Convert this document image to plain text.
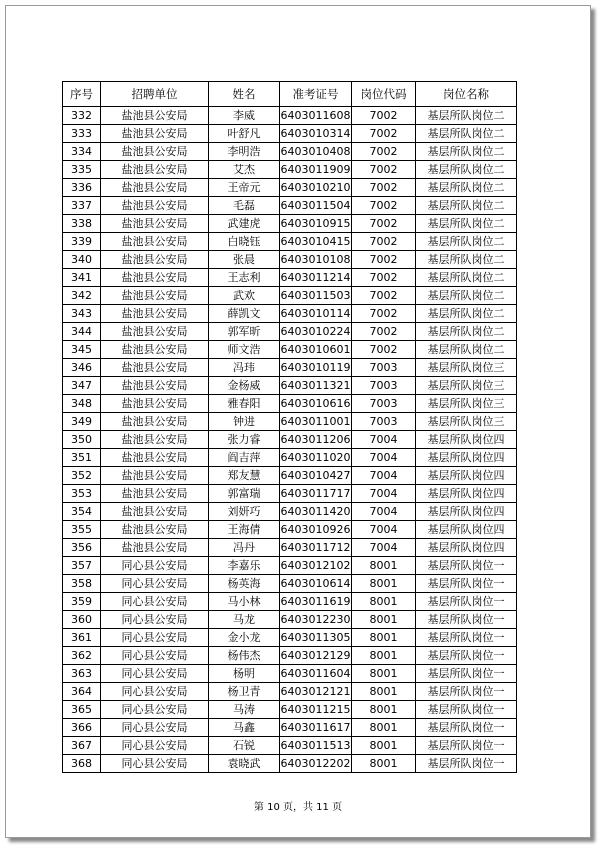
序号	招聘单位	姓名	准考证号	岗位代码	岗位名称
332	盐池县公安局	李威	6403011608	7002	基层所队岗位二
333	盐池县公安局	叶舒凡	6403010314	7002	基层所队岗位二
334	盐池县公安局	李明浩	6403010408	7002	基层所队岗位二
335	盐池县公安局	艾杰	6403011909	7002	基层所队岗位二
336	盐池县公安局	王帝元	6403010210	7002	基层所队岗位二
337	盐池县公安局	毛磊	6403011504	7002	基层所队岗位二
338	盐池县公安局	武建虎	6403010915	7002	基层所队岗位二
339	盐池县公安局	白晓钰	6403010415	7002	基层所队岗位二
340	盐池县公安局	张晨	6403010108	7002	基层所队岗位二
341	盐池县公安局	王志利	6403011214	7002	基层所队岗位二
342	盐池县公安局	武欢	6403011503	7002	基层所队岗位二
343	盐池县公安局	薛凯文	6403010114	7002	基层所队岗位二
344	盐池县公安局	郭军昕	6403010224	7002	基层所队岗位二
345	盐池县公安局	师文浩	6403010601	7002	基层所队岗位二
346	盐池县公安局	冯玮	6403010119	7003	基层所队岗位三
347	盐池县公安局	金杨威	6403011321	7003	基层所队岗位三
348	盐池县公安局	雅春阳	6403010616	7003	基层所队岗位三
349	盐池县公安局	钟进	6403011001	7003	基层所队岗位三
350	盐池县公安局	张力睿	6403011206	7004	基层所队岗位四
351	盐池县公安局	阎吉萍	6403011020	7004	基层所队岗位四
352	盐池县公安局	郑友慧	6403010427	7004	基层所队岗位四
353	盐池县公安局	郭富瑞	6403011717	7004	基层所队岗位四
354	盐池县公安局	刘妍巧	6403011420	7004	基层所队岗位四
355	盐池县公安局	王海倩	6403010926	7004	基层所队岗位四
356	盐池县公安局	冯丹	6403011712	7004	基层所队岗位四
357	同心县公安局	李嘉乐	6403012102	8001	基层所队岗位一
358	同心县公安局	杨英海	6403010614	8001	基层所队岗位一
359	同心县公安局	马小林	6403011619	8001	基层所队岗位一
360	同心县公安局	马龙	6403012230	8001	基层所队岗位一
361	同心县公安局	金小龙	6403011305	8001	基层所队岗位一
362	同心县公安局	杨伟杰	6403012129	8001	基层所队岗位一
363	同心县公安局	杨明	6403011604	8001	基层所队岗位一
364	同心县公安局	杨卫青	6403012121	8001	基层所队岗位一
365	同心县公安局	马涛	6403011215	8001	基层所队岗位一
366	同心县公安局	马鑫	6403011617	8001	基层所队岗位一
367	同心县公安局	石锐	6403011513	8001	基层所队岗位一
368	同心县公安局	袁晓武	6403012202	8001	基层所队岗位一
第 10 页，共 11 页
